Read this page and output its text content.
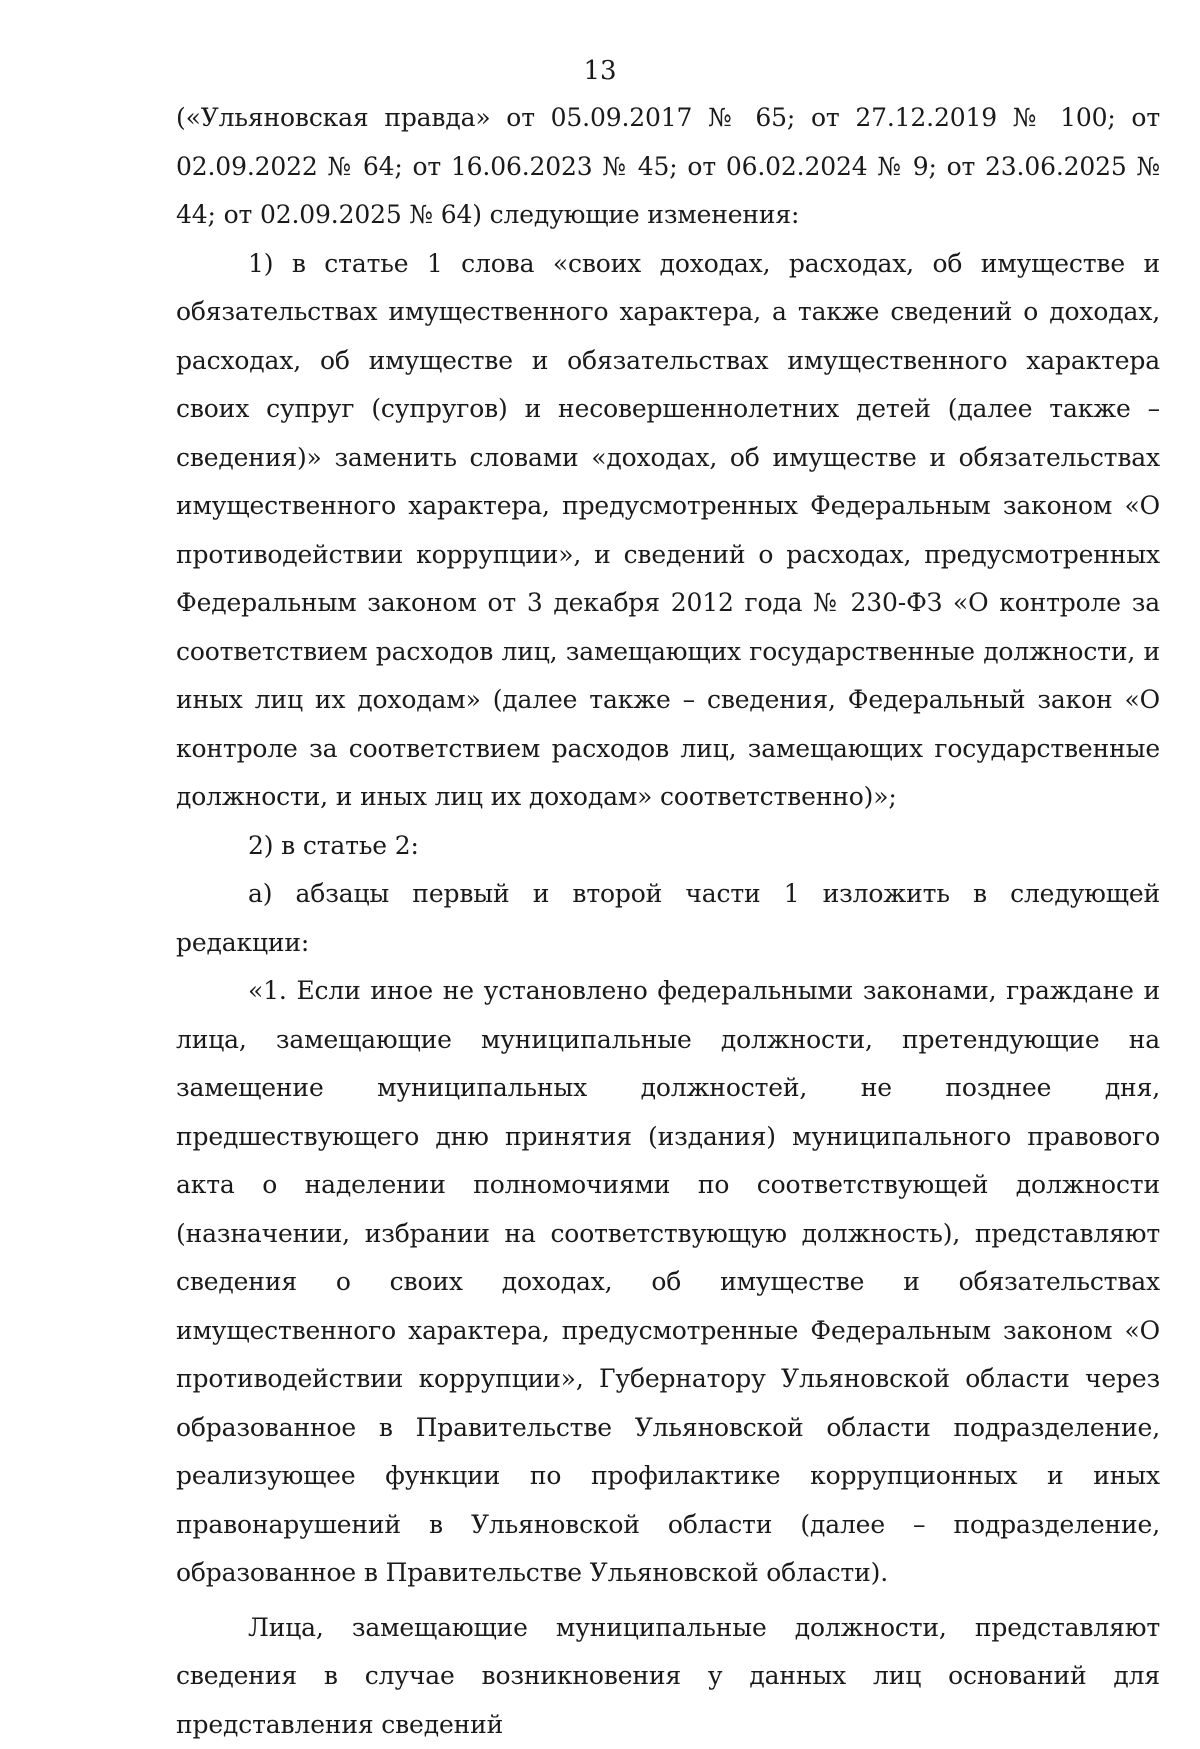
13

(«Ульяновская правда» от 05.09.2017 № 65; от 27.12.2019 № 100; от 02.09.2022 № 64; от 16.06.2023 № 45; от 06.02.2024 № 9; от 23.06.2025 № 44; от 02.09.2025 № 64) следующие изменения:

1) в статье 1 слова «своих доходах, расходах, об имуществе и обязательствах имущественного характера, а также сведений о доходах, расходах, об имуществе и обязательствах имущественного характера своих супруг (супругов) и несовершеннолетних детей (далее также – сведения)» заменить словами «доходах, об имуществе и обязательствах имущественного характера, предусмотренных Федеральным законом «О противодействии коррупции», и сведений о расходах, предусмотренных Федеральным законом от 3 декабря 2012 года № 230-ФЗ «О контроле за соответствием расходов лиц, замещающих государственные должности, и иных лиц их доходам» (далее также – сведения, Федеральный закон «О контроле за соответствием расходов лиц, замещающих государственные должности, и иных лиц их доходам» соответственно)»;

2) в статье 2:

а) абзацы первый и второй части 1 изложить в следующей редакции:

«1. Если иное не установлено федеральными законами, граждане и лица, замещающие муниципальные должности, претендующие на замещение муниципальных должностей, не позднее дня, предшествующего дню принятия (издания) муниципального правового акта о наделении полномочиями по соответствующей должности (назначении, избрании на соответствующую должность), представляют сведения о своих доходах, об имуществе и обязательствах имущественного характера, предусмотренные Федеральным законом «О противодействии коррупции», Губернатору Ульяновской области через образованное в Правительстве Ульяновской области подразделение, реализующее функции по профилактике коррупционных и иных правонарушений в Ульяновской области (далее – подразделение, образованное в Правительстве Ульяновской области).

Лица, замещающие муниципальные должности, представляют сведения в случае возникновения у данных лиц оснований для представления сведений
